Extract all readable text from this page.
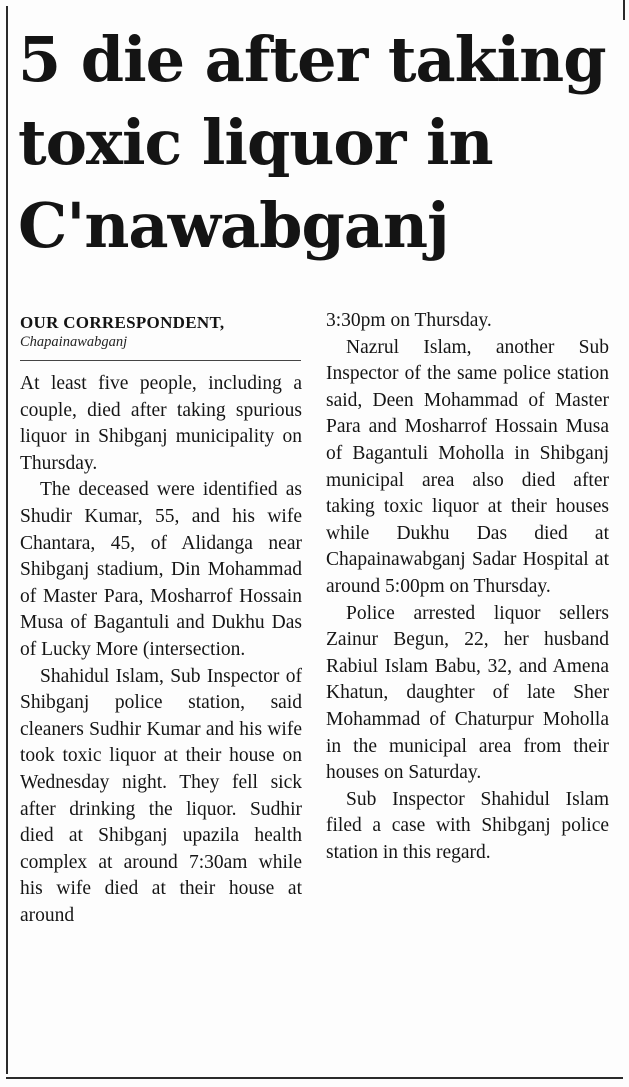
5 die after taking
toxic liquor in
C'nawabganj
OUR CORRESPONDENT,
Chapainawabganj

At least five people, including a couple, died after taking spurious liquor in Shibganj municipality on Thursday.

The deceased were identified as Shudir Kumar, 55, and his wife Chantara, 45, of Alidanga near Shibganj stadium, Din Mohammad of Master Para, Mosharrof Hossain Musa of Bagantuli and Dukhu Das of Lucky More (intersection.

Shahidul Islam, Sub Inspector of Shibganj police station, said cleaners Sudhir Kumar and his wife took toxic liquor at their house on Wednesday night. They fell sick after drinking the liquor. Sudhir died at Shibganj upazila health complex at around 7:30am while his wife died at their house at around

3:30pm on Thursday.

Nazrul Islam, another Sub Inspector of the same police station said, Deen Mohammad of Master Para and Mosharrof Hossain Musa of Bagantuli Moholla in Shibganj municipal area also died after taking toxic liquor at their houses while Dukhu Das died at Chapainawabganj Sadar Hospital at around 5:00pm on Thursday.

Police arrested liquor sellers Zainur Begun, 22, her husband Rabiul Islam Babu, 32, and Amena Khatun, daughter of late Sher Mohammad of Chaturpur Moholla in the municipal area from their houses on Saturday.

Sub Inspector Shahidul Islam filed a case with Shibganj police station in this regard.
